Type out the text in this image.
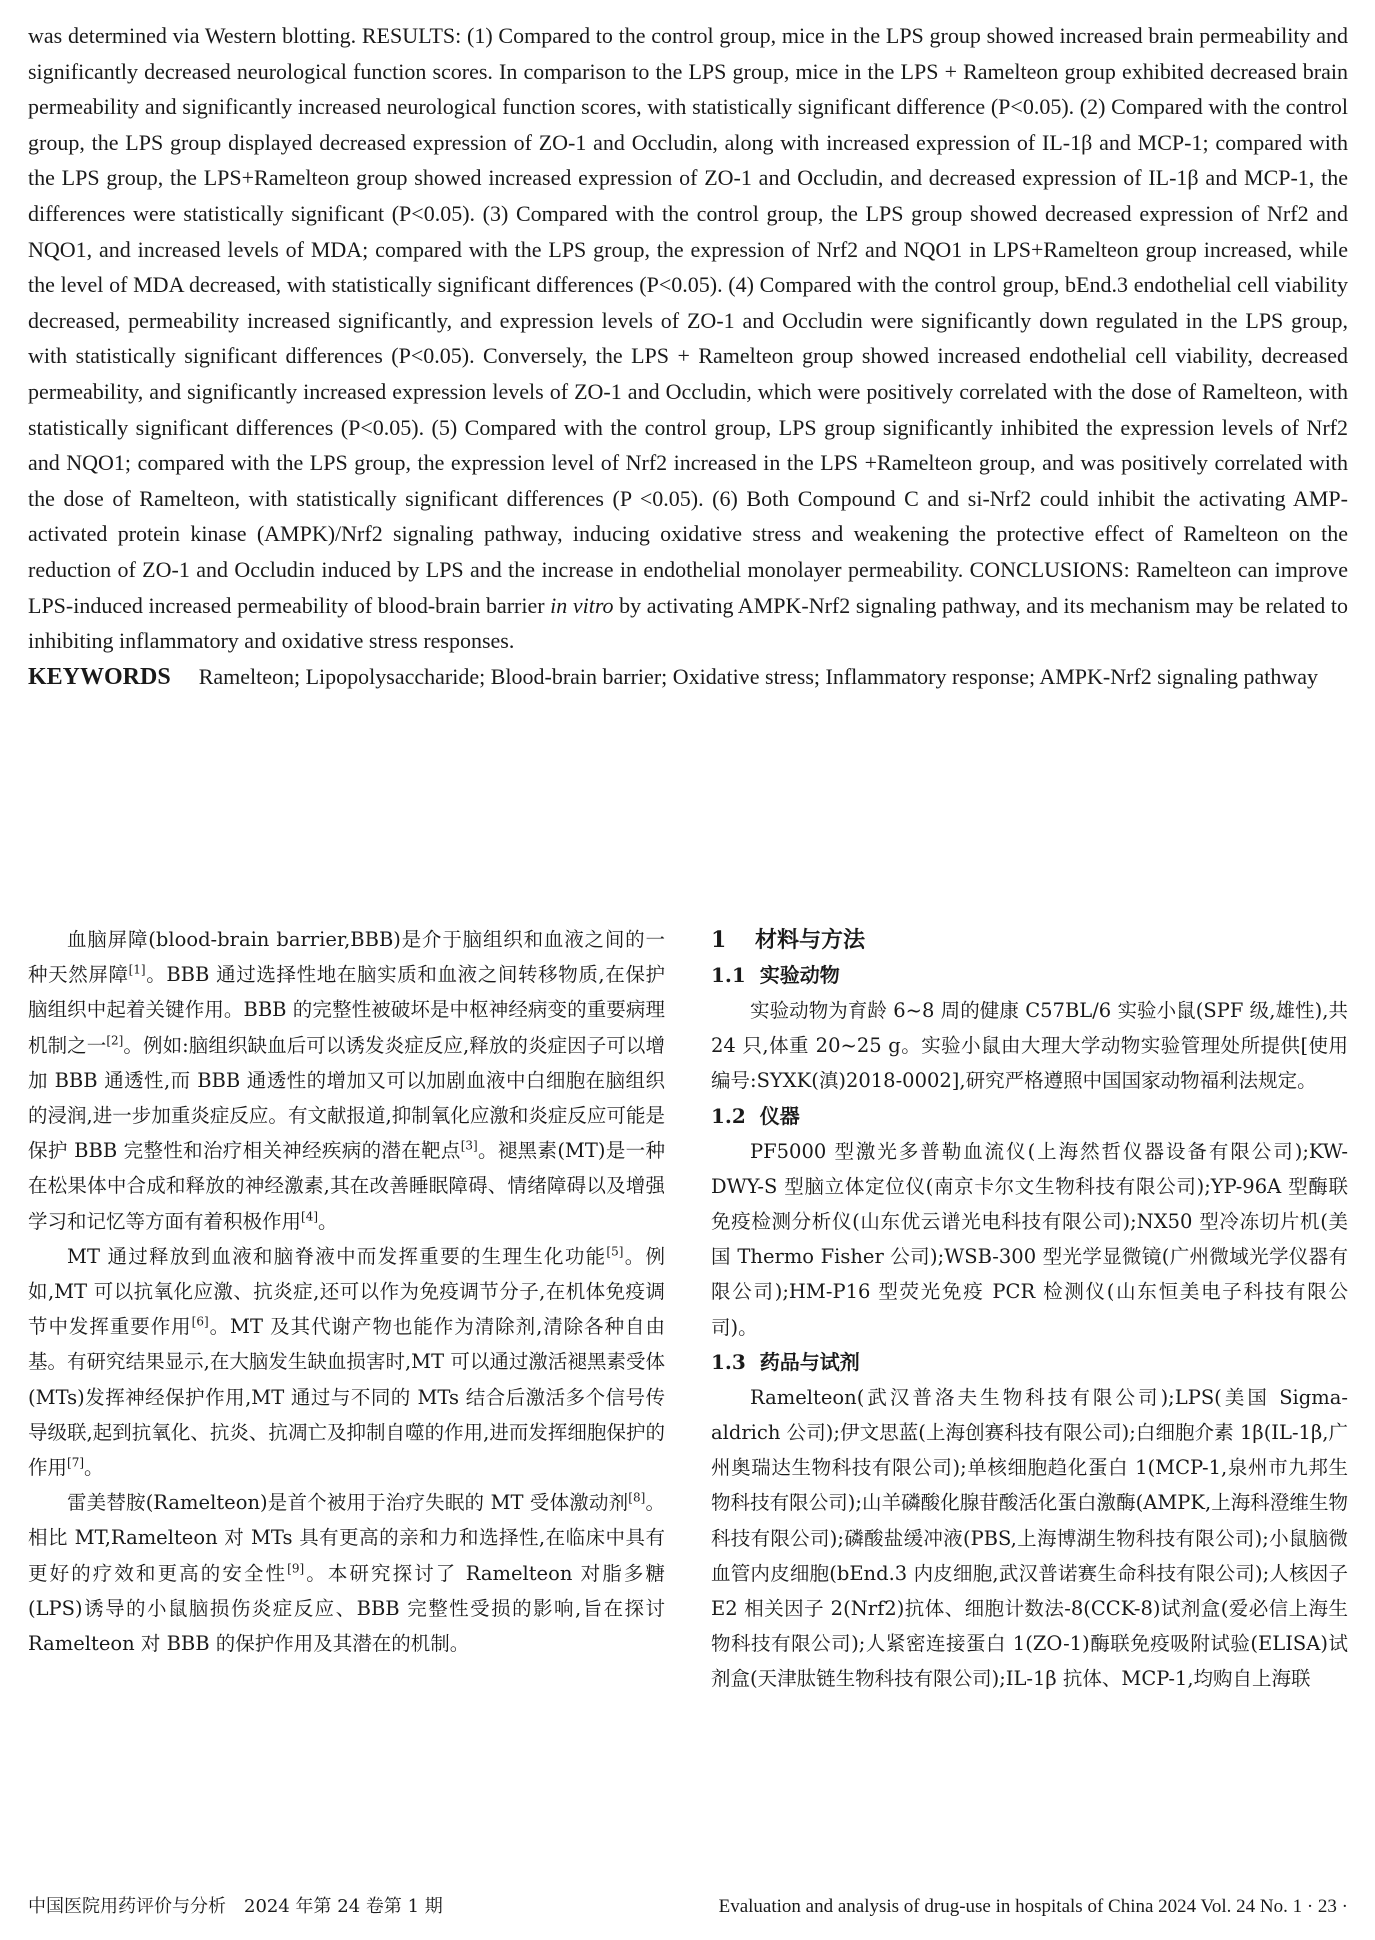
was determined via Western blotting. RESULTS: (1) Compared to the control group, mice in the LPS group showed increased brain permeability and significantly decreased neurological function scores. In comparison to the LPS group, mice in the LPS + Ramelteon group exhibited decreased brain permeability and significantly increased neurological function scores, with statistically significant difference (P<0.05). (2) Compared with the control group, the LPS group displayed decreased expression of ZO-1 and Occludin, along with increased expression of IL-1β and MCP-1; compared with the LPS group, the LPS+Ramelteon group showed increased expression of ZO-1 and Occludin, and decreased expression of IL-1β and MCP-1, the differences were statistically significant (P<0.05). (3) Compared with the control group, the LPS group showed decreased expression of Nrf2 and NQO1, and increased levels of MDA; compared with the LPS group, the expression of Nrf2 and NQO1 in LPS+Ramelteon group increased, while the level of MDA decreased, with statistically significant differences (P<0.05). (4) Compared with the control group, bEnd.3 endothelial cell viability decreased, permeability increased significantly, and expression levels of ZO-1 and Occludin were significantly down regulated in the LPS group, with statistically significant differences (P<0.05). Conversely, the LPS + Ramelteon group showed increased endothelial cell viability, decreased permeability, and significantly increased expression levels of ZO-1 and Occludin, which were positively correlated with the dose of Ramelteon, with statistically significant differences (P<0.05). (5) Compared with the control group, LPS group significantly inhibited the expression levels of Nrf2 and NQO1; compared with the LPS group, the expression level of Nrf2 increased in the LPS +Ramelteon group, and was positively correlated with the dose of Ramelteon, with statistically significant differences (P <0.05). (6) Both Compound C and si-Nrf2 could inhibit the activating AMP-activated protein kinase (AMPK)/Nrf2 signaling pathway, inducing oxidative stress and weakening the protective effect of Ramelteon on the reduction of ZO-1 and Occludin induced by LPS and the increase in endothelial monolayer permeability. CONCLUSIONS: Ramelteon can improve LPS-induced increased permeability of blood-brain barrier in vitro by activating AMPK-Nrf2 signaling pathway, and its mechanism may be related to inhibiting inflammatory and oxidative stress responses.

KEYWORDS Ramelteon; Lipopolysaccharide; Blood-brain barrier; Oxidative stress; Inflammatory response; AMPK-Nrf2 signaling pathway

血脑屏障(blood-brain barrier,BBB)是介于脑组织和血液之间的一种天然屏障[1]。BBB 通过选择性地在脑实质和血液之间转移物质,在保护脑组织中起着关键作用。BBB 的完整性被破坏是中枢神经病变的重要病理机制之一[2]。例如:脑组织缺血后可以诱发炎症反应,释放的炎症因子可以增加 BBB 通透性,而 BBB 通透性的增加又可以加剧血液中白细胞在脑组织的浸润,进一步加重炎症反应。有文献报道,抑制氧化应激和炎症反应可能是保护 BBB 完整性和治疗相关神经疾病的潜在靶点[3]。褪黑素(MT)是一种在松果体中合成和释放的神经激素,其在改善睡眠障碍、情绪障碍以及增强学习和记忆等方面有着积极作用[4]。

MT 通过释放到血液和脑脊液中而发挥重要的生理生化功能[5]。例如,MT 可以抗氧化应激、抗炎症,还可以作为免疫调节分子,在机体免疫调节中发挥重要作用[6]。MT 及其代谢产物也能作为清除剂,清除各种自由基。有研究结果显示,在大脑发生缺血损害时,MT 可以通过激活褪黑素受体(MTs)发挥神经保护作用,MT 通过与不同的 MTs 结合后激活多个信号传导级联,起到抗氧化、抗炎、抗凋亡及抑制自噬的作用,进而发挥细胞保护的作用[7]。

雷美替胺(Ramelteon)是首个被用于治疗失眠的 MT 受体激动剂[8]。相比 MT,Ramelteon 对 MTs 具有更高的亲和力和选择性,在临床中具有更好的疗效和更高的安全性[9]。本研究探讨了 Ramelteon 对脂多糖(LPS)诱导的小鼠脑损伤炎症反应、BBB 完整性受损的影响,旨在探讨 Ramelteon 对 BBB 的保护作用及其潜在的机制。

1 材料与方法
1.1 实验动物

实验动物为育龄 6~8 周的健康 C57BL/6 实验小鼠(SPF 级,雄性),共 24 只,体重 20~25 g。实验小鼠由大理大学动物实验管理处所提供[使用编号:SYXK(滇)2018-0002],研究严格遵照中国国家动物福利法规定。

1.2 仪器

PF5000 型激光多普勒血流仪(上海然哲仪器设备有限公司);KW-DWY-S 型脑立体定位仪(南京卡尔文生物科技有限公司);YP-96A 型酶联免疫检测分析仪(山东优云谱光电科技有限公司);NX50 型冷冻切片机(美国 Thermo Fisher 公司);WSB-300 型光学显微镜(广州微域光学仪器有限公司);HM-P16 型荧光免疫 PCR 检测仪(山东恒美电子科技有限公司)。

1.3 药品与试剂

Ramelteon(武汉普洛夫生物科技有限公司);LPS(美国 Sigma-aldrich 公司);伊文思蓝(上海创赛科技有限公司);白细胞介素 1β(IL-1β,广州奥瑞达生物科技有限公司);单核细胞趋化蛋白 1(MCP-1,泉州市九邦生物科技有限公司);山羊磷酸化腺苷酸活化蛋白激酶(AMPK,上海科澄维生物科技有限公司);磷酸盐缓冲液(PBS,上海博湖生物科技有限公司);小鼠脑微血管内皮细胞(bEnd.3 内皮细胞,武汉普诺赛生命科技有限公司);人核因子 E2 相关因子 2(Nrf2)抗体、细胞计数法-8(CCK-8)试剂盒(爱必信上海生物科技有限公司);人紧密连接蛋白 1(ZO-1)酶联免疫吸附试验(ELISA)试剂盒(天津肽链生物科技有限公司);IL-1β 抗体、MCP-1,均购自上海联

中国医院用药评价与分析　2024 年第 24 卷第 1 期	Evaluation and analysis of drug-use in hospitals of China 2024 Vol. 24 No. 1 · 23 ·
